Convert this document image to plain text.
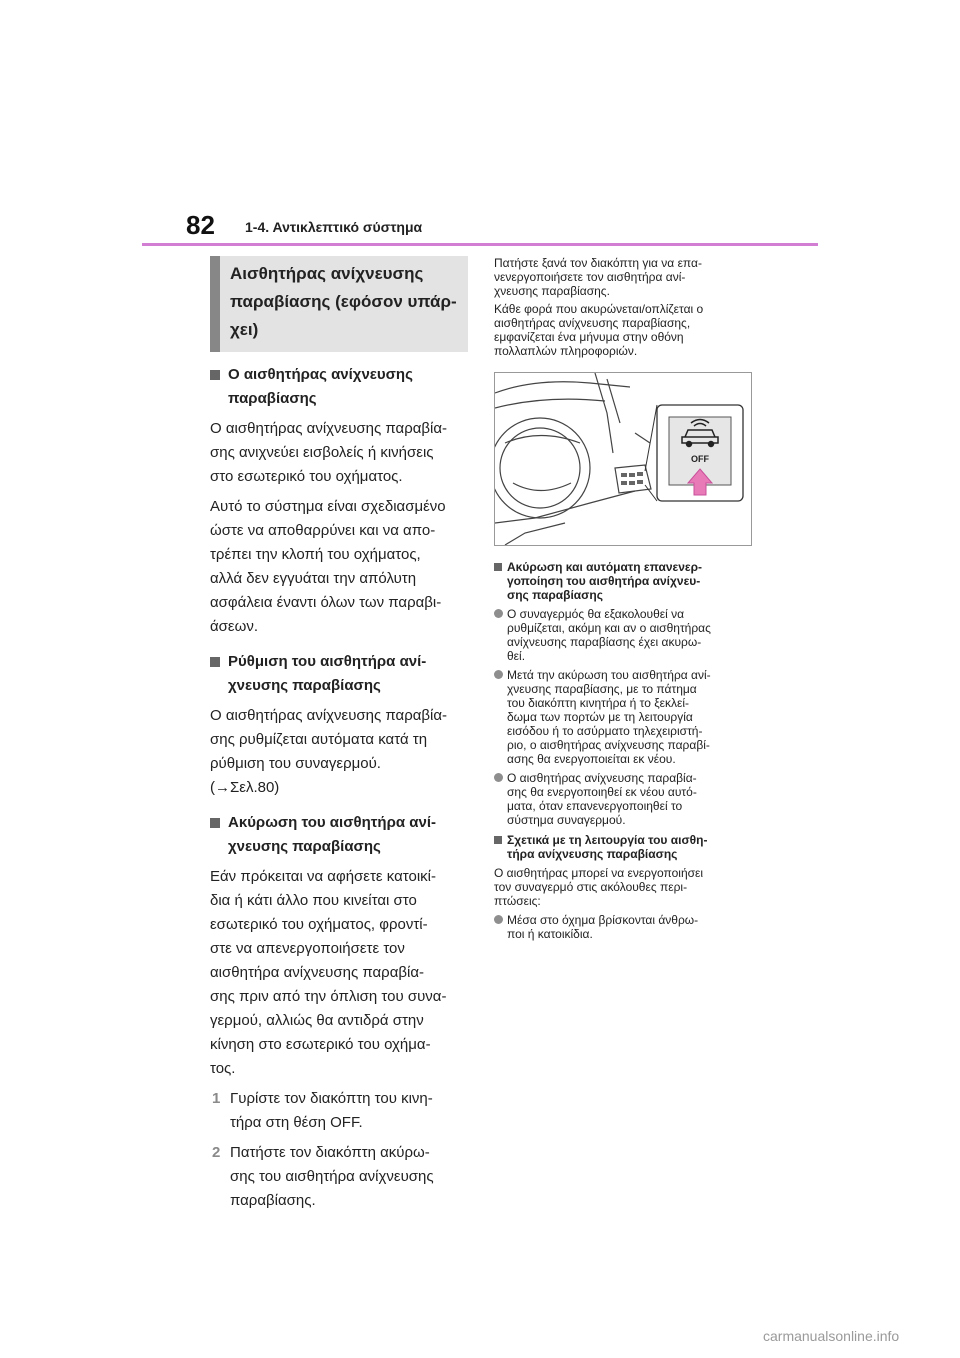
82 1-4. Αντικλεπτικό σύστημα
Αισθητήρας ανίχνευσης
παραβίασης (εφόσον υπάρ-
χει)
Ο αισθητήρας ανίχνευσης
παραβίασης
Ο αισθητήρας ανίχνευσης παραβία-
σης ανιχνεύει εισβολείς ή κινήσεις
στο εσωτερικό του οχήματος.
Αυτό το σύστημα είναι σχεδιασμένο
ώστε να αποθαρρύνει και να απο-
τρέπει την κλοπή του οχήματος,
αλλά δεν εγγυάται την απόλυτη
ασφάλεια έναντι όλων των παραβι-
άσεων.
Ρύθμιση του αισθητήρα ανί-
χνευσης παραβίασης
Ο αισθητήρας ανίχνευσης παραβία-
σης ρυθμίζεται αυτόματα κατά τη
ρύθμιση του συναγερμού.
(→Σελ.80)
Ακύρωση του αισθητήρα ανί-
χνευσης παραβίασης
Εάν πρόκειται να αφήσετε κατοικί-
δια ή κάτι άλλο που κινείται στο
εσωτερικό του οχήματος, φροντί-
στε να απενεργοποιήσετε τον
αισθητήρα ανίχνευσης παραβία-
σης πριν από την όπλιση του συνα-
γερμού, αλλιώς θα αντιδρά στην
κίνηση στο εσωτερικό του οχήμα-
τος.
1 Γυρίστε τον διακόπτη του κινη-
τήρα στη θέση OFF.
2 Πατήστε τον διακόπτη ακύρω-
σης του αισθητήρα ανίχνευσης
παραβίασης.
Πατήστε ξανά τον διακόπτη για να επα-
νενεργοποιήσετε τον αισθητήρα ανί-
χνευσης παραβίασης.
Κάθε φορά που ακυρώνεται/οπλίζεται ο
αισθητήρας ανίχνευσης παραβίασης,
εμφανίζεται ένα μήνυμα στην οθόνη
πολλαπλών πληροφοριών.
OFF
Ακύρωση και αυτόματη επανενερ-
γοποίηση του αισθητήρα ανίχνευ-
σης παραβίασης
Ο συναγερμός θα εξακολουθεί να
ρυθμίζεται, ακόμη και αν ο αισθητήρας
ανίχνευσης παραβίασης έχει ακυρω-
θεί.
Μετά την ακύρωση του αισθητήρα ανί-
χνευσης παραβίασης, με το πάτημα
του διακόπτη κινητήρα ή το ξεκλεί-
δωμα των πορτών με τη λειτουργία
εισόδου ή το ασύρματο τηλεχειριστή-
ριο, ο αισθητήρας ανίχνευσης παραβί-
ασης θα ενεργοποιείται εκ νέου.
Ο αισθητήρας ανίχνευσης παραβία-
σης θα ενεργοποιηθεί εκ νέου αυτό-
ματα, όταν επανενεργοποιηθεί το
σύστημα συναγερμού.
Σχετικά με τη λειτουργία του αισθη-
τήρα ανίχνευσης παραβίασης
Ο αισθητήρας μπορεί να ενεργοποιήσει
τον συναγερμό στις ακόλουθες περι-
πτώσεις:
Μέσα στο όχημα βρίσκονται άνθρω-
ποι ή κατοικίδια.
carmanualsonline.info
